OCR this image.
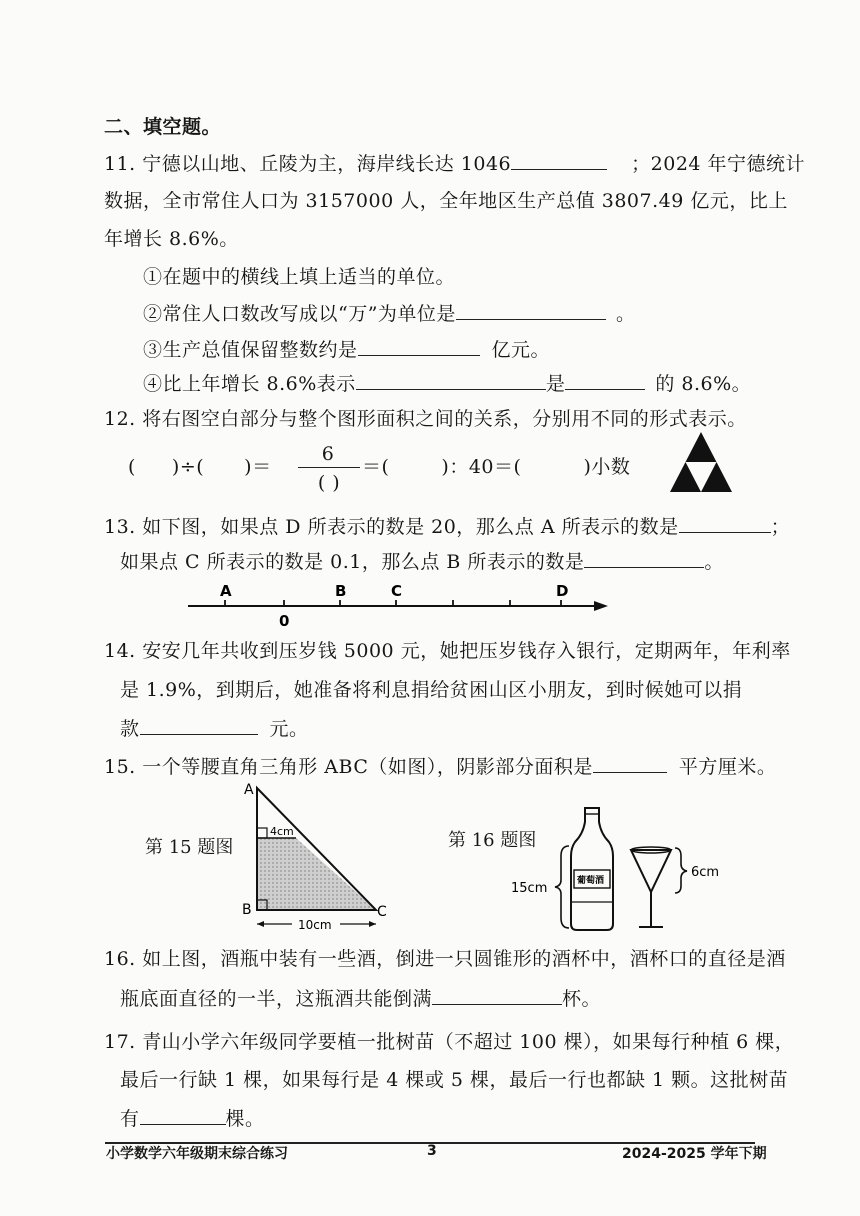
二、填空题。
11. 宁德以山地、丘陵为主，海岸线长达 1046	；2024 年宁德统计
数据，全市常住人口为 3157000 人，全年地区生产总值 3807.49 亿元，比上
年增长 8.6%。
①在题中的横线上填上适当的单位。
②常住人口数改写成以“万”为单位是	。
③生产总值保留整数约是	亿元。
④比上年增长 8.6%表示	是	的 8.6%。
12. 将右图空白部分与整个图形面积之间的关系，分别用不同的形式表示。
( )÷( )＝
6
( )
＝(	)：40＝(	)小数
13. 如下图，如果点 D 所表示的数是 20，那么点 A 所表示的数是	；
如果点 C 所表示的数是 0.1，那么点 B 所表示的数是	。
A	B	C	D
0
14. 安安几年共收到压岁钱 5000 元，她把压岁钱存入银行，定期两年，年利率
是 1.9%，到期后，她准备将利息捐给贫困山区小朋友，到时候她可以捐
款	元。
15. 一个等腰直角三角形 ABC（如图），阴影部分面积是	平方厘米。
第 15 题图
A
B	C
4cm
10cm
第 16 题图
15cm	葡萄酒
6cm
16. 如上图，酒瓶中装有一些酒，倒进一只圆锥形的酒杯中，酒杯口的直径是酒
瓶底面直径的一半，这瓶酒共能倒满	杯。
17. 青山小学六年级同学要植一批树苗（不超过 100 棵），如果每行种植 6 棵，
最后一行缺 1 棵，如果每行是 4 棵或 5 棵，最后一行也都缺 1 颗。这批树苗
有	棵。
小学数学六年级期末综合练习	3	2024-2025 学年下期
